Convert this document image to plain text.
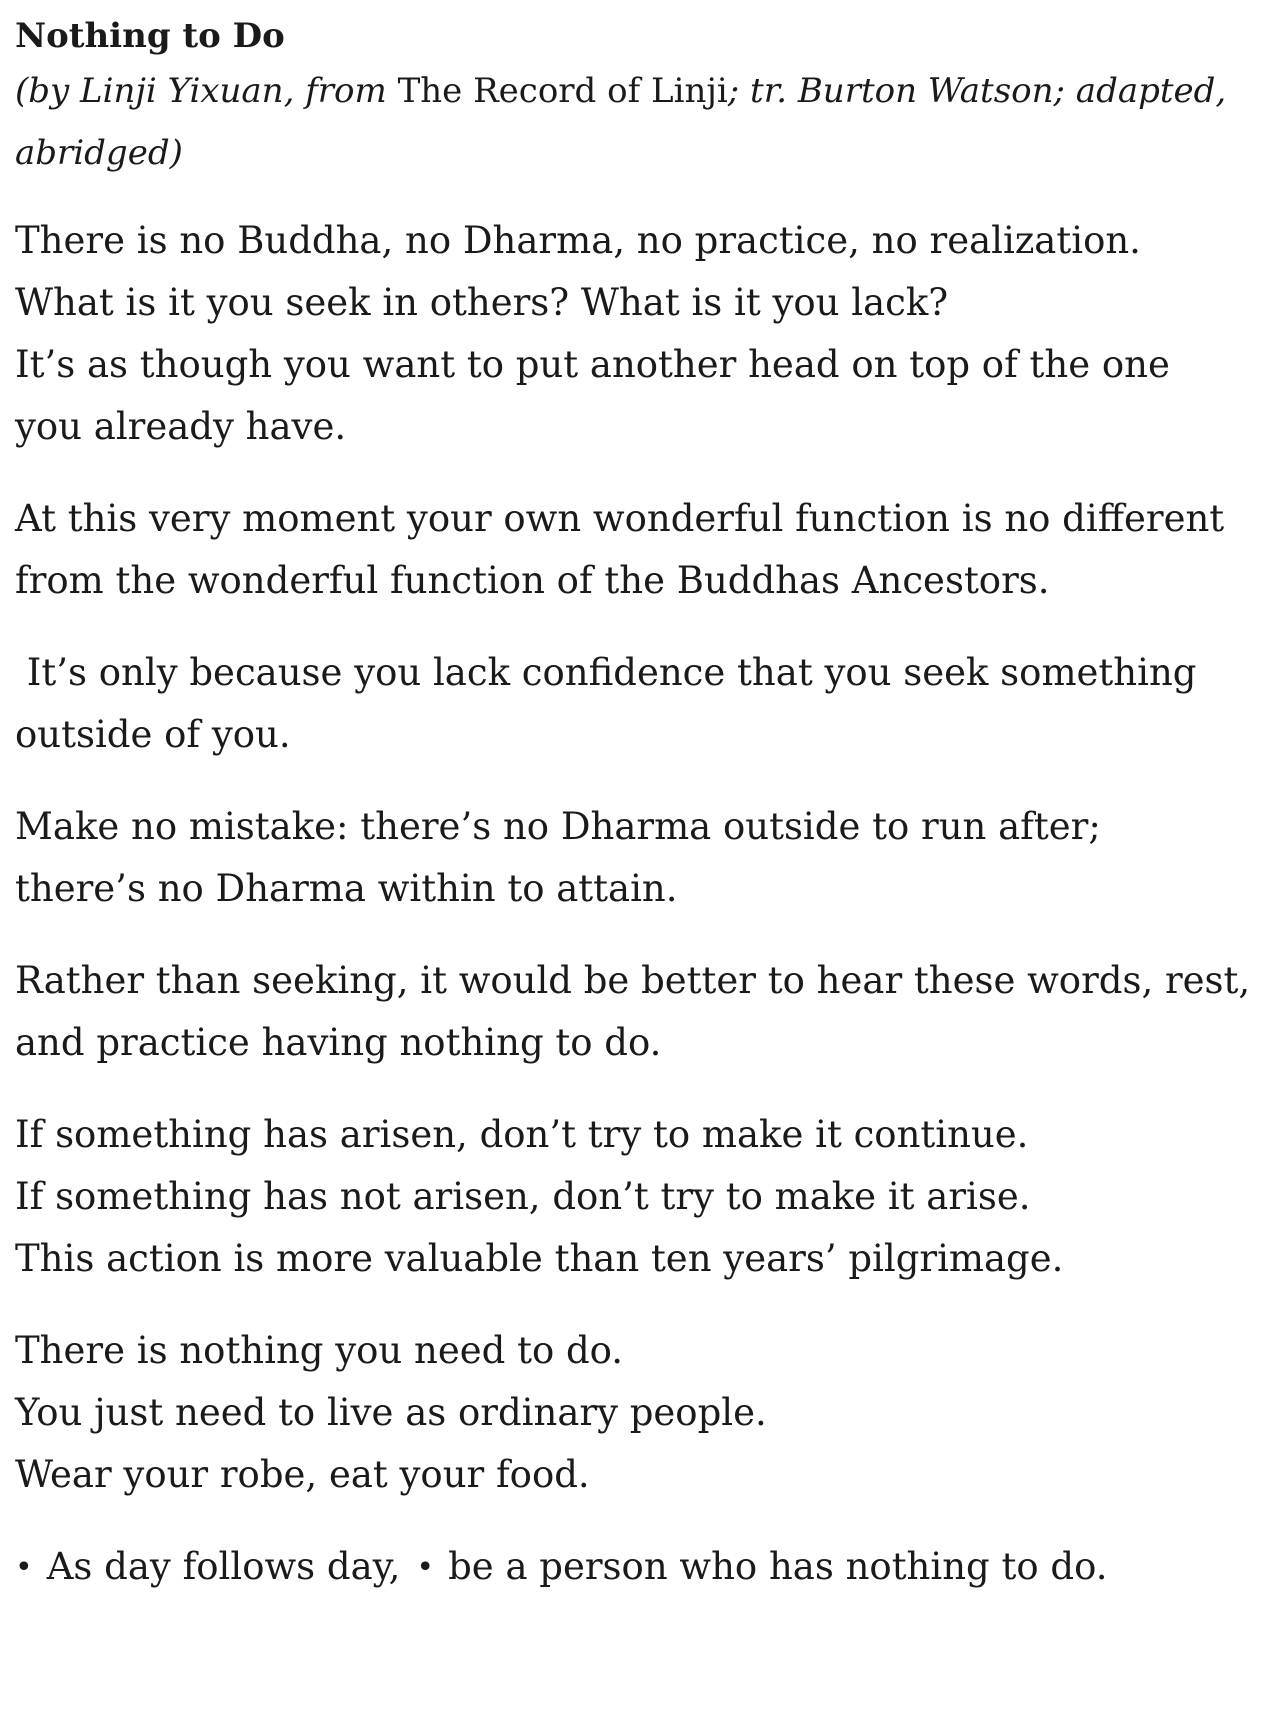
Nothing to Do

(by Linji Yixuan, from The Record of Linji; tr. Burton Watson; adapted,
abridged)

There is no Buddha, no Dharma, no practice, no realization.
What is it you seek in others? What is it you lack?
It’s as though you want to put another head on top of the one
you already have.

At this very moment your own wonderful function is no different
from the wonderful function of the Buddhas Ancestors.

It’s only because you lack confidence that you seek something
outside of you.

Make no mistake: there’s no Dharma outside to run after;
there’s no Dharma within to attain.

Rather than seeking, it would be better to hear these words, rest,
and practice having nothing to do.

If something has arisen, don’t try to make it continue.
If something has not arisen, don’t try to make it arise.
This action is more valuable than ten years’ pilgrimage.

There is nothing you need to do.
You just need to live as ordinary people.
Wear your robe, eat your food.

• As day follows day, • be a person who has nothing to do.
